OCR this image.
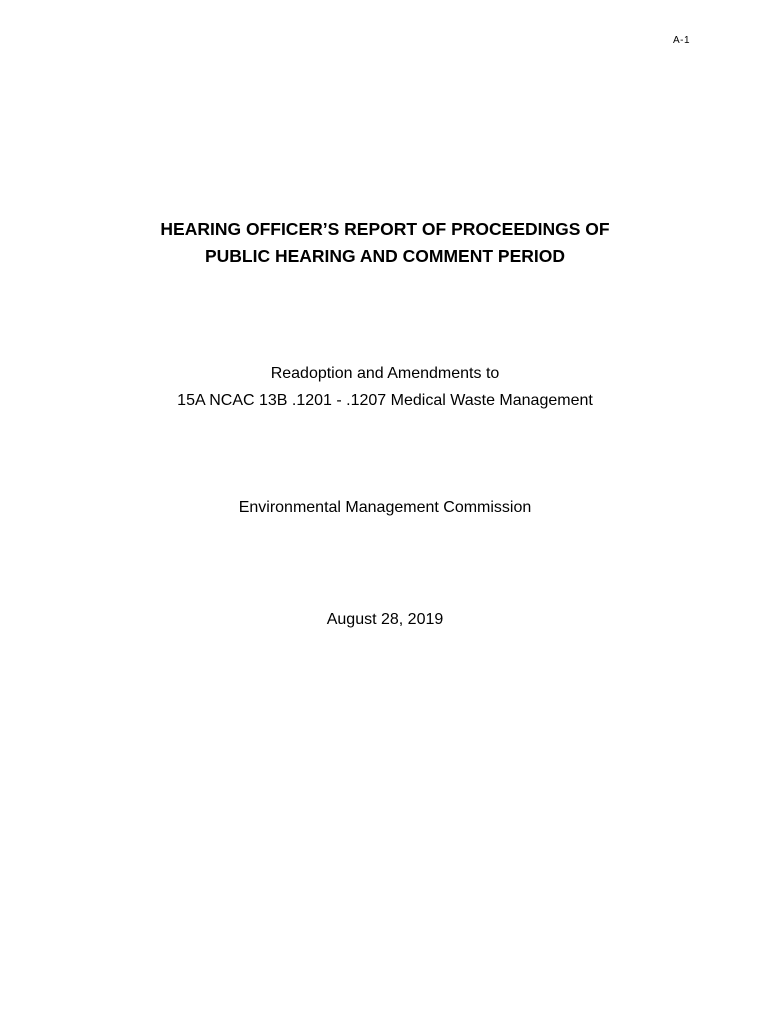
A-1
HEARING OFFICER’S REPORT OF PROCEEDINGS OF
PUBLIC HEARING AND COMMENT PERIOD
Readoption and Amendments to
15A NCAC 13B .1201 - .1207 Medical Waste Management
Environmental Management Commission
August 28, 2019
